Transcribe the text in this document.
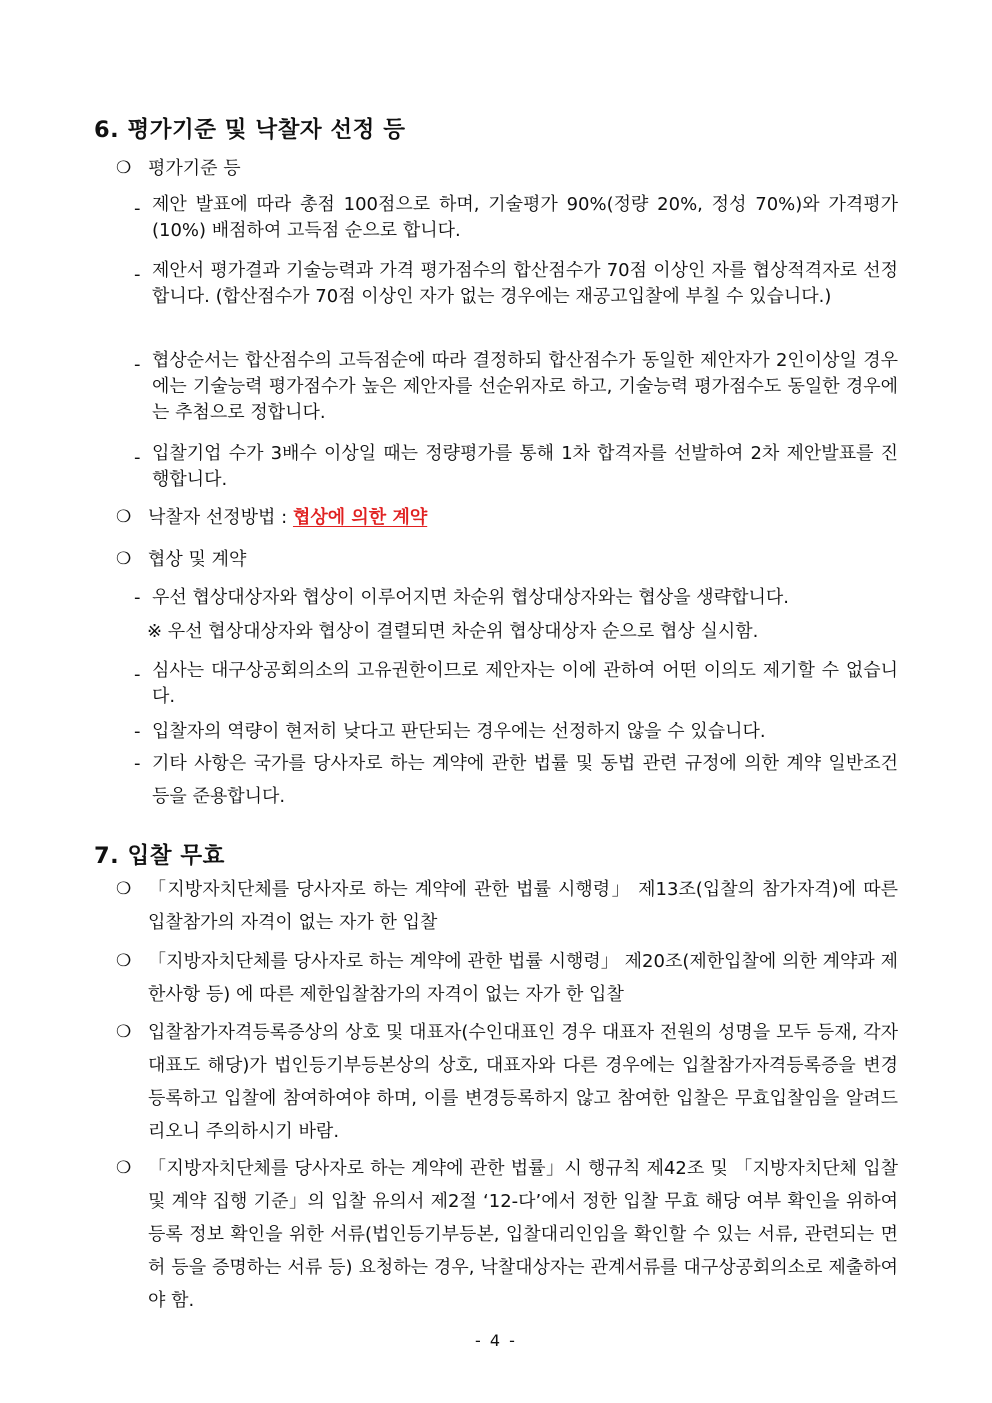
6. 평가기준 및 낙찰자 선정 등
❍ 평가기준 등
- 제안 발표에 따라 총점 100점으로 하며, 기술평가 90%(정량 20%, 정성 70%)와 가격평가(10%) 배점하여 고득점 순으로 합니다.
- 제안서 평가결과 기술능력과 가격 평가점수의 합산점수가 70점 이상인 자를 협상적격자로 선정합니다. (합산점수가 70점 이상인 자가 없는 경우에는 재공고입찰에 부칠 수 있습니다.)
- 협상순서는 합산점수의 고득점순에 따라 결정하되 합산점수가 동일한 제안자가 2인이상일 경우에는 기술능력 평가점수가 높은 제안자를 선순위자로 하고, 기술능력 평가점수도 동일한 경우에는 추첨으로 정합니다.
- 입찰기업 수가 3배수 이상일 때는 정량평가를 통해 1차 합격자를 선발하여 2차 제안발표를 진행합니다.
❍ 낙찰자 선정방법 : 협상에 의한 계약
❍ 협상 및 계약
- 우선 협상대상자와 협상이 이루어지면 차순위 협상대상자와는 협상을 생략합니다.
※ 우선 협상대상자와 협상이 결렬되면 차순위 협상대상자 순으로 협상 실시함.
- 심사는 대구상공회의소의 고유권한이므로 제안자는 이에 관하여 어떤 이의도 제기할 수 없습니다.
- 입찰자의 역량이 현저히 낮다고 판단되는 경우에는 선정하지 않을 수 있습니다.
- 기타 사항은 국가를 당사자로 하는 계약에 관한 법률 및 동법 관련 규정에 의한 계약 일반조건 등을 준용합니다.
7. 입찰 무효
❍ 「지방자치단체를 당사자로 하는 계약에 관한 법률 시행령」 제13조(입찰의 참가자격)에 따른 입찰참가의 자격이 없는 자가 한 입찰
❍ 「지방자치단체를 당사자로 하는 계약에 관한 법률 시행령」 제20조(제한입찰에 의한 계약과 제한사항 등) 에 따른 제한입찰참가의 자격이 없는 자가 한 입찰
❍ 입찰참가자격등록증상의 상호 및 대표자(수인대표인 경우 대표자 전원의 성명을 모두 등재, 각자 대표도 해당)가 법인등기부등본상의 상호, 대표자와 다른 경우에는 입찰참가자격등록증을 변경등록하고 입찰에 참여하여야 하며, 이를 변경등록하지 않고 참여한 입찰은 무효입찰임을 알려드리오니 주의하시기 바람.
❍ 「지방자치단체를 당사자로 하는 계약에 관한 법률」시 행규칙 제42조 및 「지방자치단체 입찰 및 계약 집행 기준」의 입찰 유의서 제2절 ‘12-다’에서 정한 입찰 무효 해당 여부 확인을 위하여 등록 정보 확인을 위한 서류(법인등기부등본, 입찰대리인임을 확인할 수 있는 서류, 관련되는 면허 등을 증명하는 서류 등) 요청하는 경우, 낙찰대상자는 관계서류를 대구상공회의소로 제출하여야 함.
- 4 -
